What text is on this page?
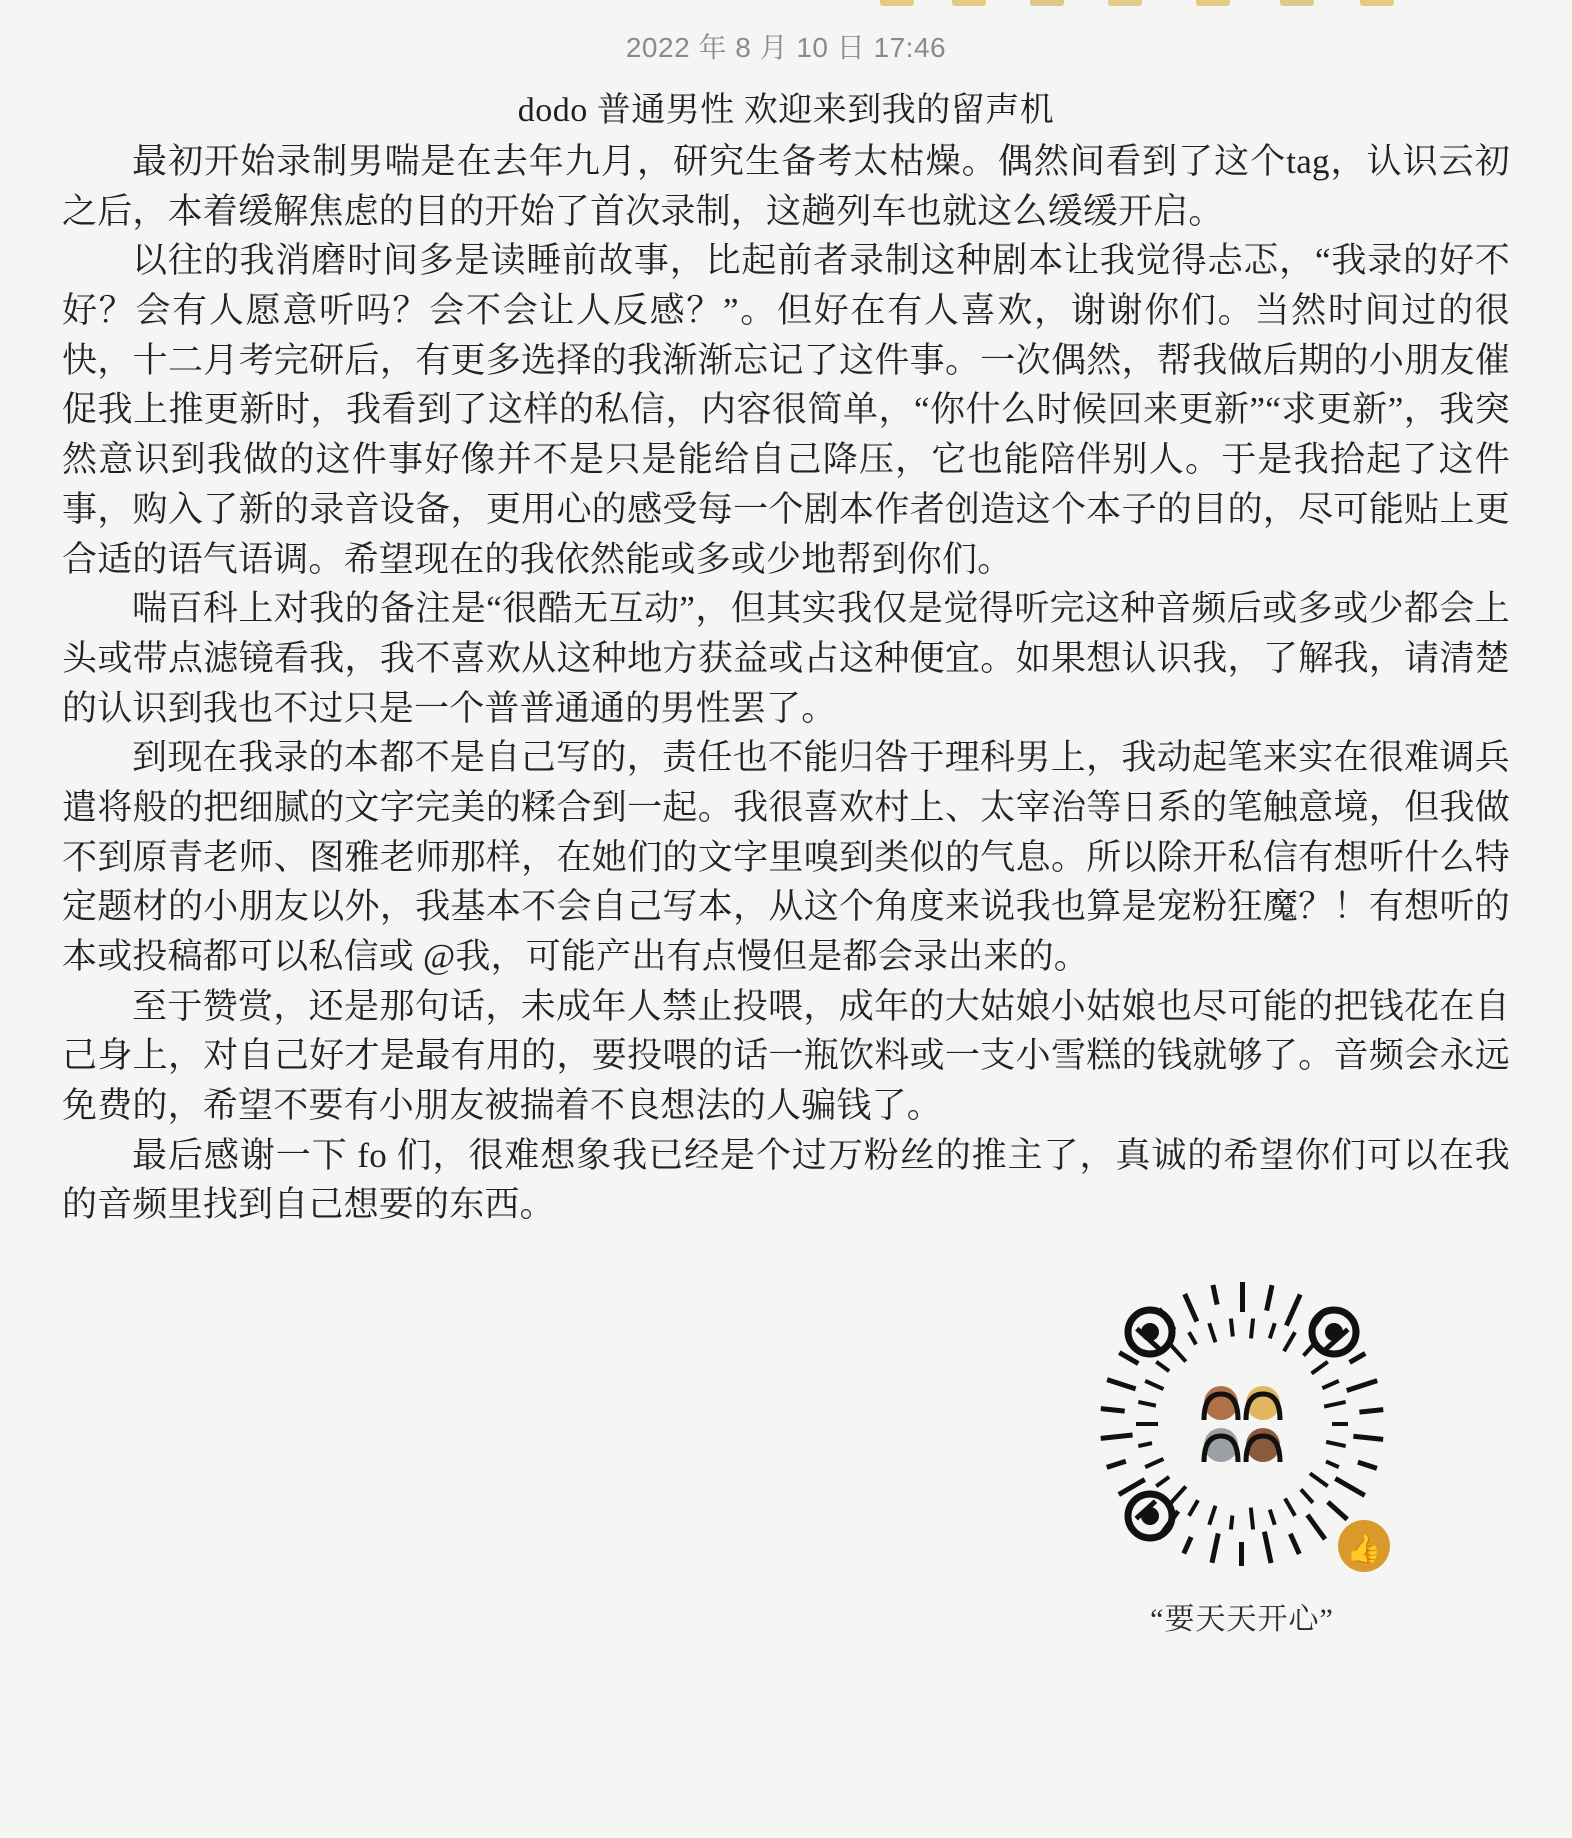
2022 年 8 月 10 日 17:46
dodo 普通男性 欢迎来到我的留声机

最初开始录制男喘是在去年九月，研究生备考太枯燥。偶然间看到了这个tag，认识云初之后，本着缓解焦虑的目的开始了首次录制，这趟列车也就这么缓缓开启。

以往的我消磨时间多是读睡前故事，比起前者录制这种剧本让我觉得忐忑，“我录的好不好？会有人愿意听吗？会不会让人反感？”。但好在有人喜欢，谢谢你们。当然时间过的很快，十二月考完研后，有更多选择的我渐渐忘记了这件事。一次偶然，帮我做后期的小朋友催促我上推更新时，我看到了这样的私信，内容很简单，“你什么时候回来更新”“求更新”，我突然意识到我做的这件事好像并不是只是能给自己降压，它也能陪伴别人。于是我拾起了这件事，购入了新的录音设备，更用心的感受每一个剧本作者创造这个本子的目的，尽可能贴上更合适的语气语调。希望现在的我依然能或多或少地帮到你们。

喘百科上对我的备注是“很酷无互动”，但其实我仅是觉得听完这种音频后或多或少都会上头或带点滤镜看我，我不喜欢从这种地方获益或占这种便宜。如果想认识我，了解我，请清楚的认识到我也不过只是一个普普通通的男性罢了。

到现在我录的本都不是自己写的，责任也不能归咎于理科男上，我动起笔来实在很难调兵遣将般的把细腻的文字完美的糅合到一起。我很喜欢村上、太宰治等日系的笔触意境，但我做不到原青老师、图雅老师那样，在她们的文字里嗅到类似的气息。所以除开私信有想听什么特定题材的小朋友以外，我基本不会自己写本，从这个角度来说我也算是宠粉狂魔？！有想听的本或投稿都可以私信或 @我，可能产出有点慢但是都会录出来的。

至于赞赏，还是那句话，未成年人禁止投喂，成年的大姑娘小姑娘也尽可能的把钱花在自己身上，对自己好才是最有用的，要投喂的话一瓶饮料或一支小雪糕的钱就够了。音频会永远免费的，希望不要有小朋友被揣着不良想法的人骗钱了。

最后感谢一下 fo 们，很难想象我已经是个过万粉丝的推主了，真诚的希望你们可以在我的音频里找到自己想要的东西。

👍
“要天天开心”
